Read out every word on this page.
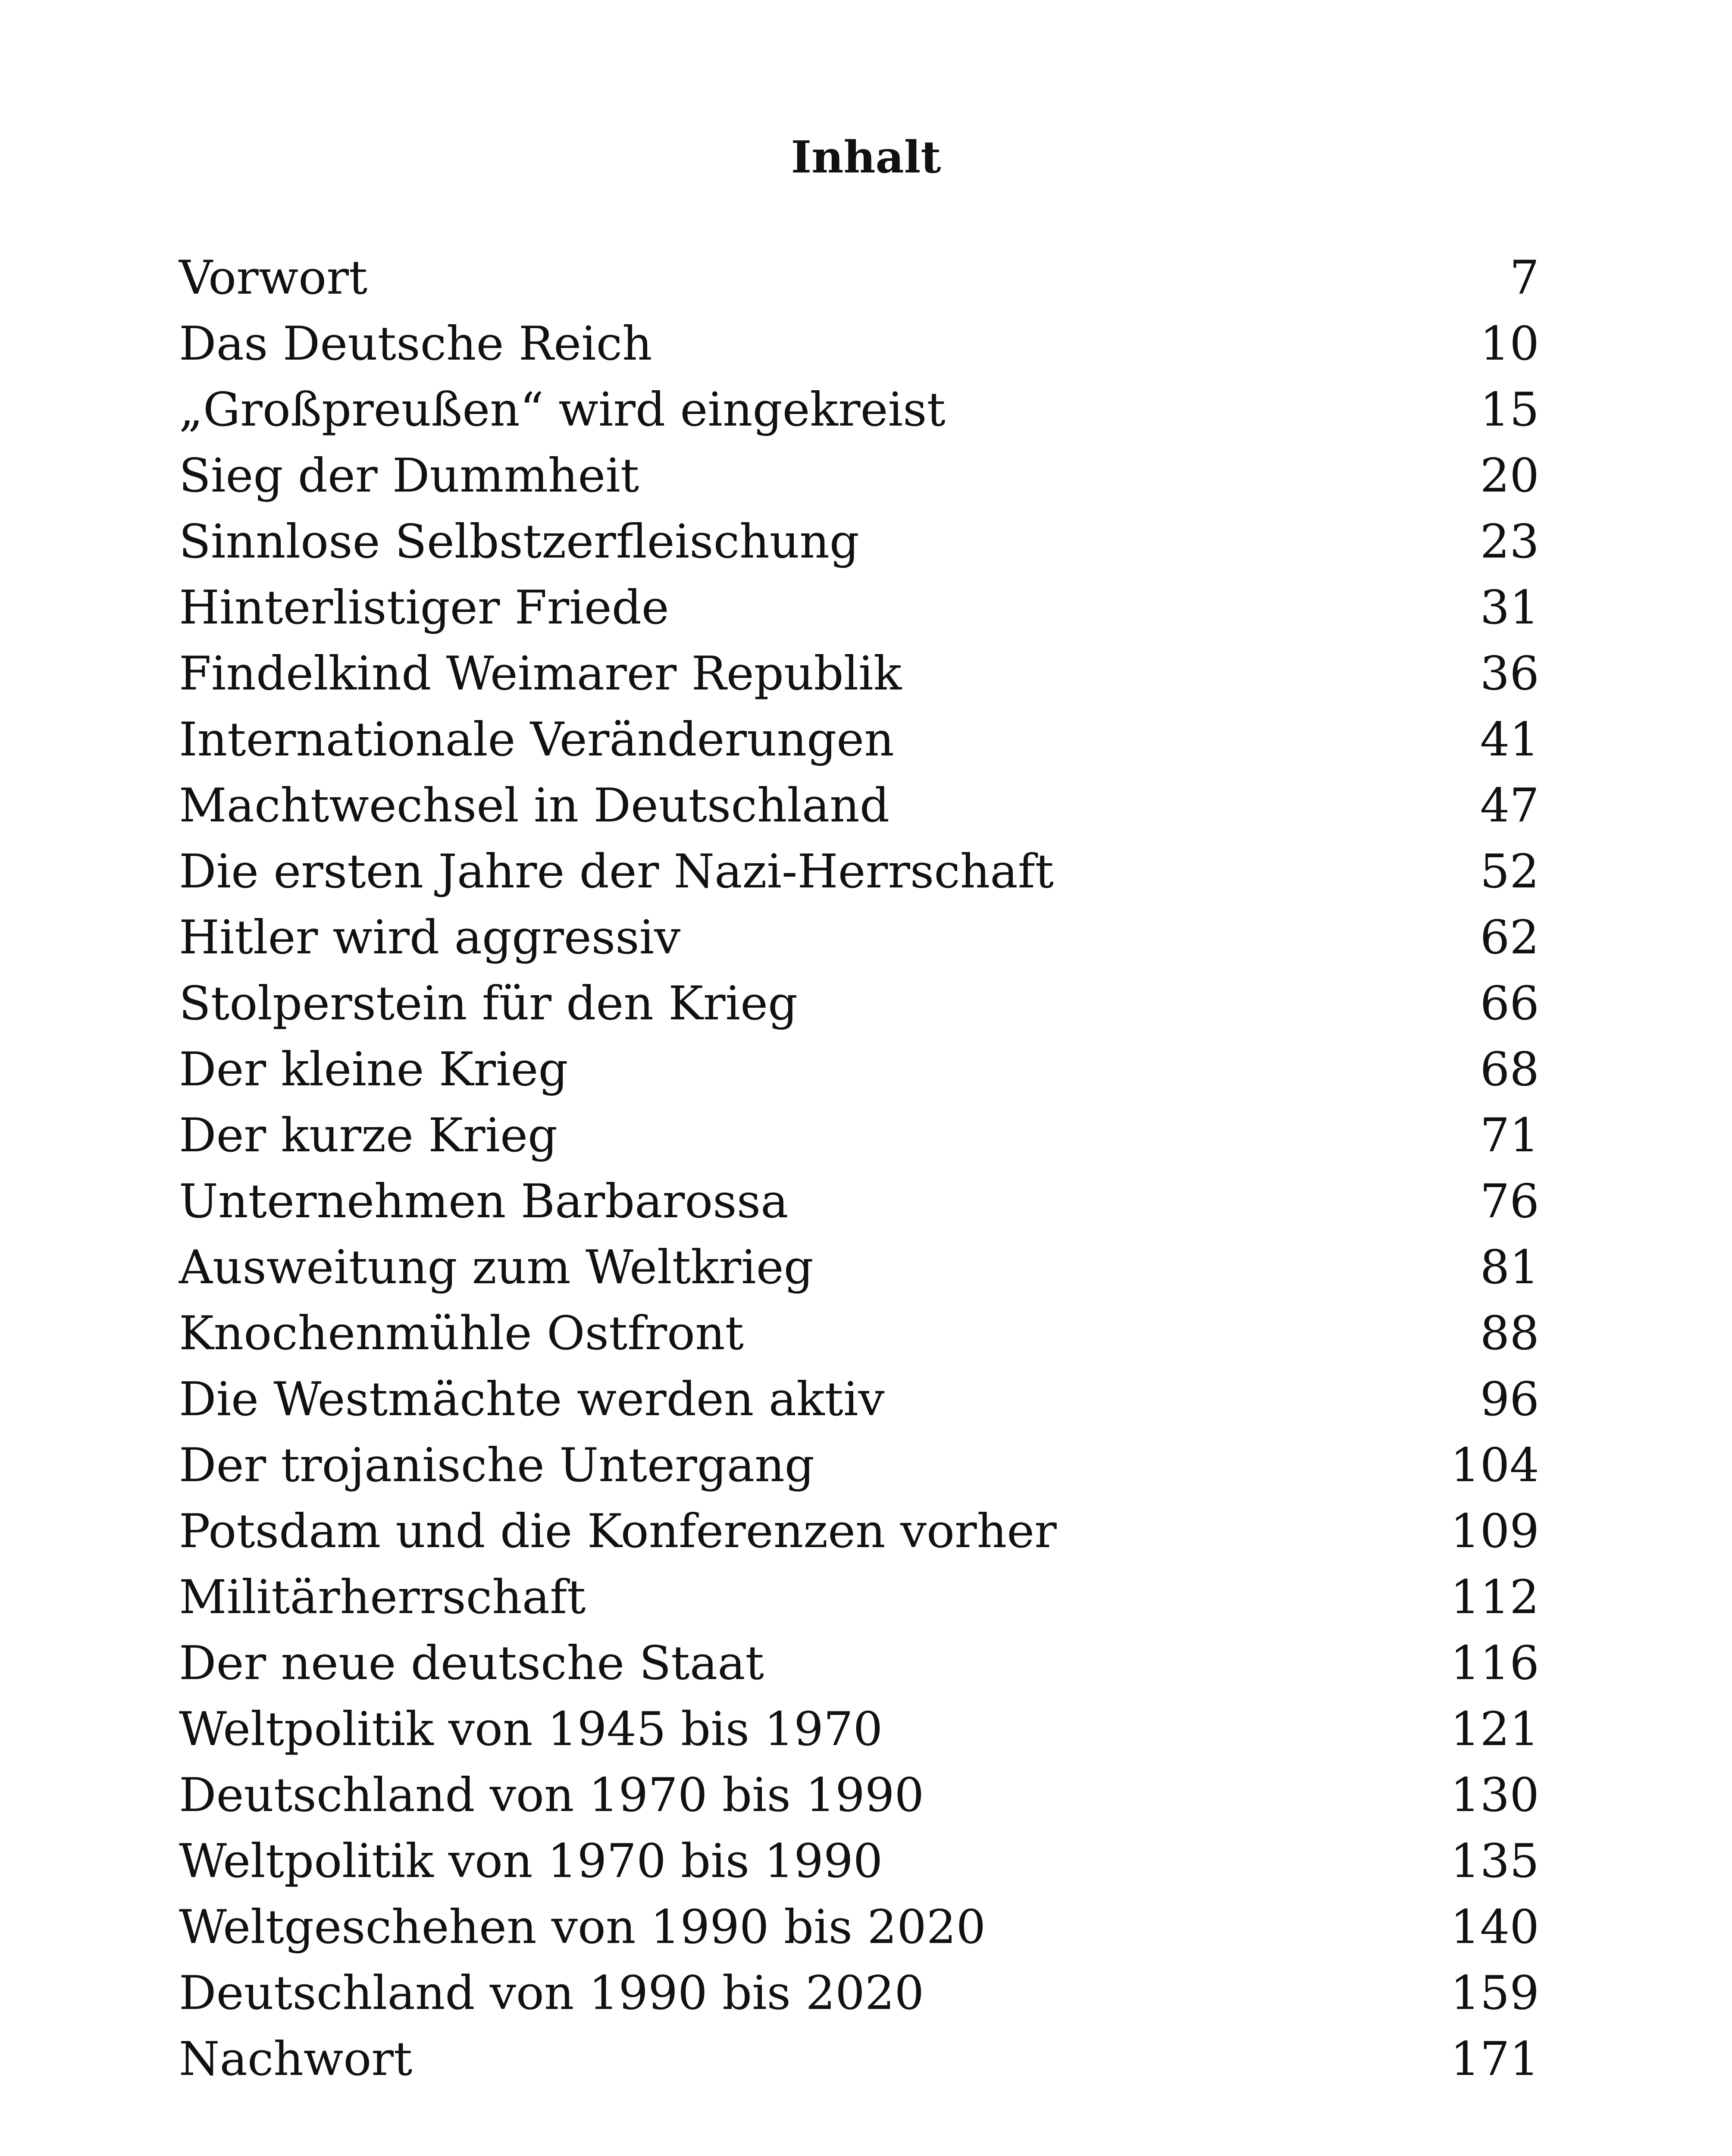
Inhalt
Vorwort	7
Das Deutsche Reich	10
„Großpreußen“ wird eingekreist	15
Sieg der Dummheit	20
Sinnlose Selbstzerfleischung	23
Hinterlistiger Friede	31
Findelkind Weimarer Republik	36
Internationale Veränderungen	41
Machtwechsel in Deutschland	47
Die ersten Jahre der Nazi-Herrschaft	52
Hitler wird aggressiv	62
Stolperstein für den Krieg	66
Der kleine Krieg	68
Der kurze Krieg	71
Unternehmen Barbarossa	76
Ausweitung zum Weltkrieg	81
Knochenmühle Ostfront	88
Die Westmächte werden aktiv	96
Der trojanische Untergang	104
Potsdam und die Konferenzen vorher	109
Militärherrschaft	112
Der neue deutsche Staat	116
Weltpolitik von 1945 bis 1970	121
Deutschland von 1970 bis 1990	130
Weltpolitik von 1970 bis 1990	135
Weltgeschehen von 1990 bis 2020	140
Deutschland von 1990 bis 2020	159
Nachwort	171
